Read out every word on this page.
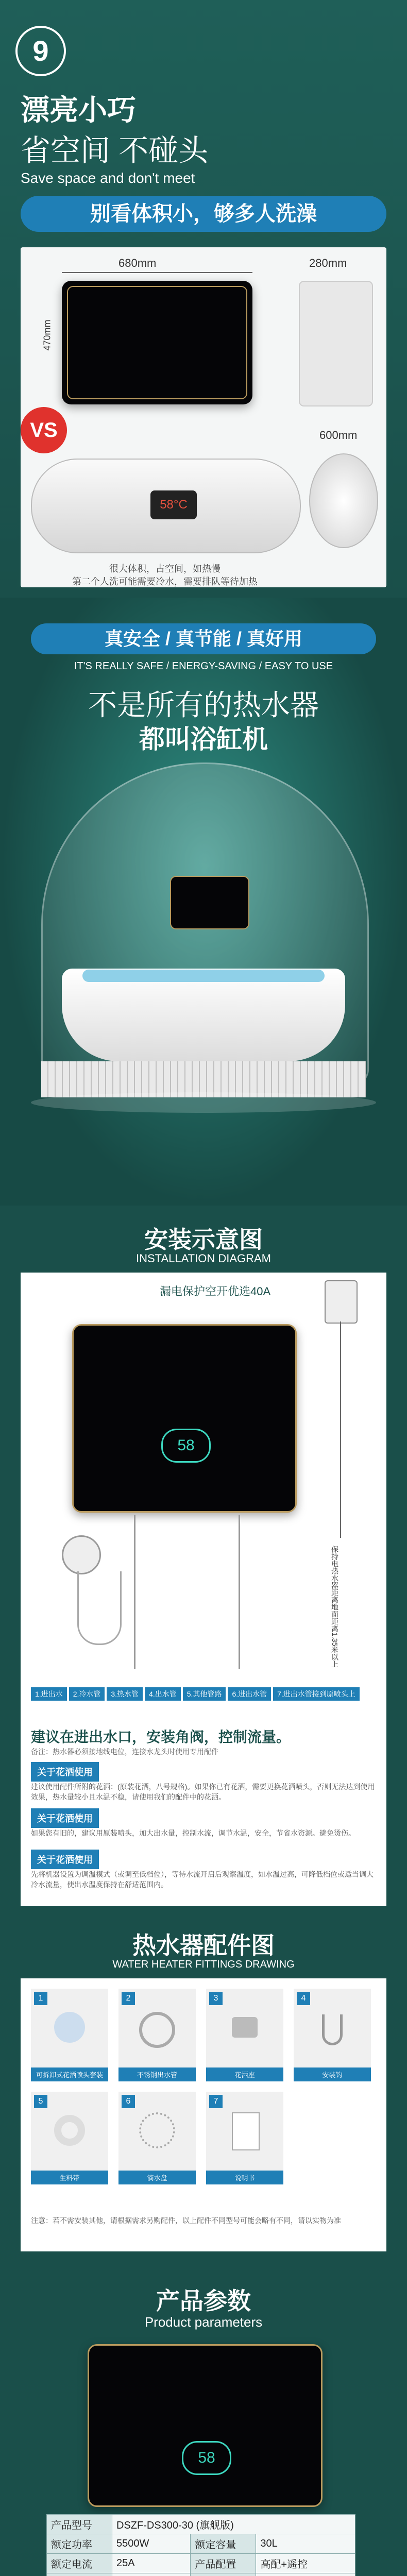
9
漂亮小巧
省空间 不碰头
Save space and don't meet
别看体积小，够多人洗澡
680mm
470mm
280mm
VS	600mm
58°C
很大体积，占空间，如热慢
第二个人洗可能需要冷水，需要排队等待加热
真安全 / 真节能 / 真好用
IT'S REALLY SAFE / ENERGY-SAVING / EASY TO USE
不是所有的热水器
都叫浴缸机
安装示意图
INSTALLATION DIAGRAM
漏电保护空开优选40A
58
保持电热水器距离地面距离1.35米以上
1.进出水	2.冷水管	3.热水管	4.出水管	5.其他管路	6.进出水管	7.进出水管接到原喷头上
建议在进出水口，安装角阀，控制流量。
备注：热水器必须接地线电位，连接水龙头时使用专用配件
关于花洒使用
建议使用配件所附的花洒：(原装花洒，八号规格)。如果你已有花洒，需要更换花洒喷头，否则无法达到使用效果，热水量较小且水温不稳，请使用我们的配件中的花洒。
关于花洒使用
如果您有旧的，建议用原装喷头，加大出水量，控制水流，调节水温，安全，节省水资源。避免烫伤。
关于花洒使用
先将机器设置为调温模式（或调至低档位），等待水流开启后观察温度，如水温过高，可降低档位或适当调大冷水流量，使出水温度保持在舒适范围内。
热水器配件图
WATER HEATER FITTINGS DRAWING
1
可拆卸式花洒喷头套装
2
不锈钢出水管
3
花洒座
4
安装钩
5
生料带
6
滴水盘
7
说明书
注意：若不需安装其他，请根据需求另购配件，以上配件不同型号可能会略有不同，请以实物为准
产品参数
Product parameters
58
产品型号	DSZF-DS300-30 (旗舰版)		
额定功率	5500W	额定容量	30L
额定电流	25A	产品配置	高配+遥控
